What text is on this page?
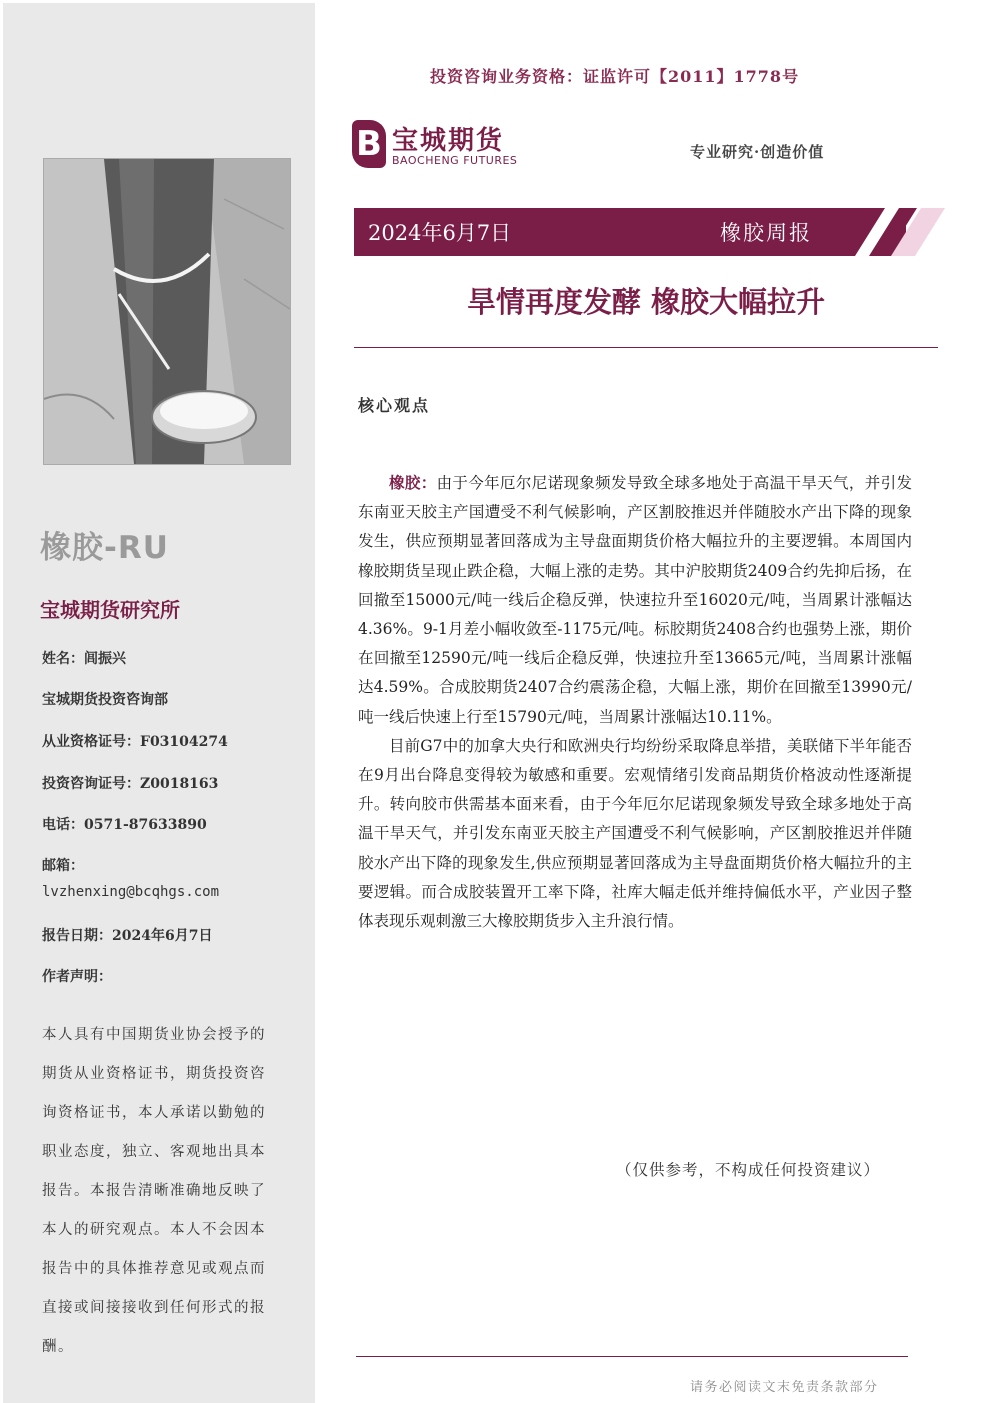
橡胶-RU
宝城期货研究所
姓名：闾振兴
宝城期货投资咨询部
从业资格证号：F03104274
投资咨询证号：Z0018163
电话：0571-87633890
邮箱：
lvzhenxing@bcqhgs.com
报告日期：2024年6月7日
作者声明：
本人具有中国期货业协会授予的期货从业资格证书，期货投资咨询资格证书，本人承诺以勤勉的职业态度，独立、客观地出具本报告。本报告清晰准确地反映了本人的研究观点。本人不会因本报告中的具体推荐意见或观点而直接或间接接收到任何形式的报酬。
投资咨询业务资格：证监许可【2011】1778号
B 宝城期货
BAOCHENG FUTURES	专业研究·创造价值
2024年6月7日	橡胶周报
旱情再度发酵 橡胶大幅拉升
核心观点

橡胶：由于今年厄尔尼诺现象频发导致全球多地处于高温干旱天气，并引发东南亚天胶主产国遭受不利气候影响，产区割胶推迟并伴随胶水产出下降的现象发生，供应预期显著回落成为主导盘面期货价格大幅拉升的主要逻辑。本周国内橡胶期货呈现止跌企稳，大幅上涨的走势。其中沪胶期货2409合约先抑后扬，在回撤至15000元/吨一线后企稳反弹，快速拉升至16020元/吨，当周累计涨幅达4.36%。9-1月差小幅收敛至-1175元/吨。标胶期货2408合约也强势上涨，期价在回撤至12590元/吨一线后企稳反弹，快速拉升至13665元/吨，当周累计涨幅达4.59%。合成胶期货2407合约震荡企稳，大幅上涨，期价在回撤至13990元/吨一线后快速上行至15790元/吨，当周累计涨幅达10.11%。

目前G7中的加拿大央行和欧洲央行均纷纷采取降息举措，美联储下半年能否在9月出台降息变得较为敏感和重要。宏观情绪引发商品期货价格波动性逐渐提升。转向胶市供需基本面来看，由于今年厄尔尼诺现象频发导致全球多地处于高温干旱天气，并引发东南亚天胶主产国遭受不利气候影响，产区割胶推迟并伴随胶水产出下降的现象发生,供应预期显著回落成为主导盘面期货价格大幅拉升的主要逻辑。而合成胶装置开工率下降，社库大幅走低并维持偏低水平，产业因子整体表现乐观刺激三大橡胶期货步入主升浪行情。

（仅供参考，不构成任何投资建议）
请务必阅读文末免责条款部分
